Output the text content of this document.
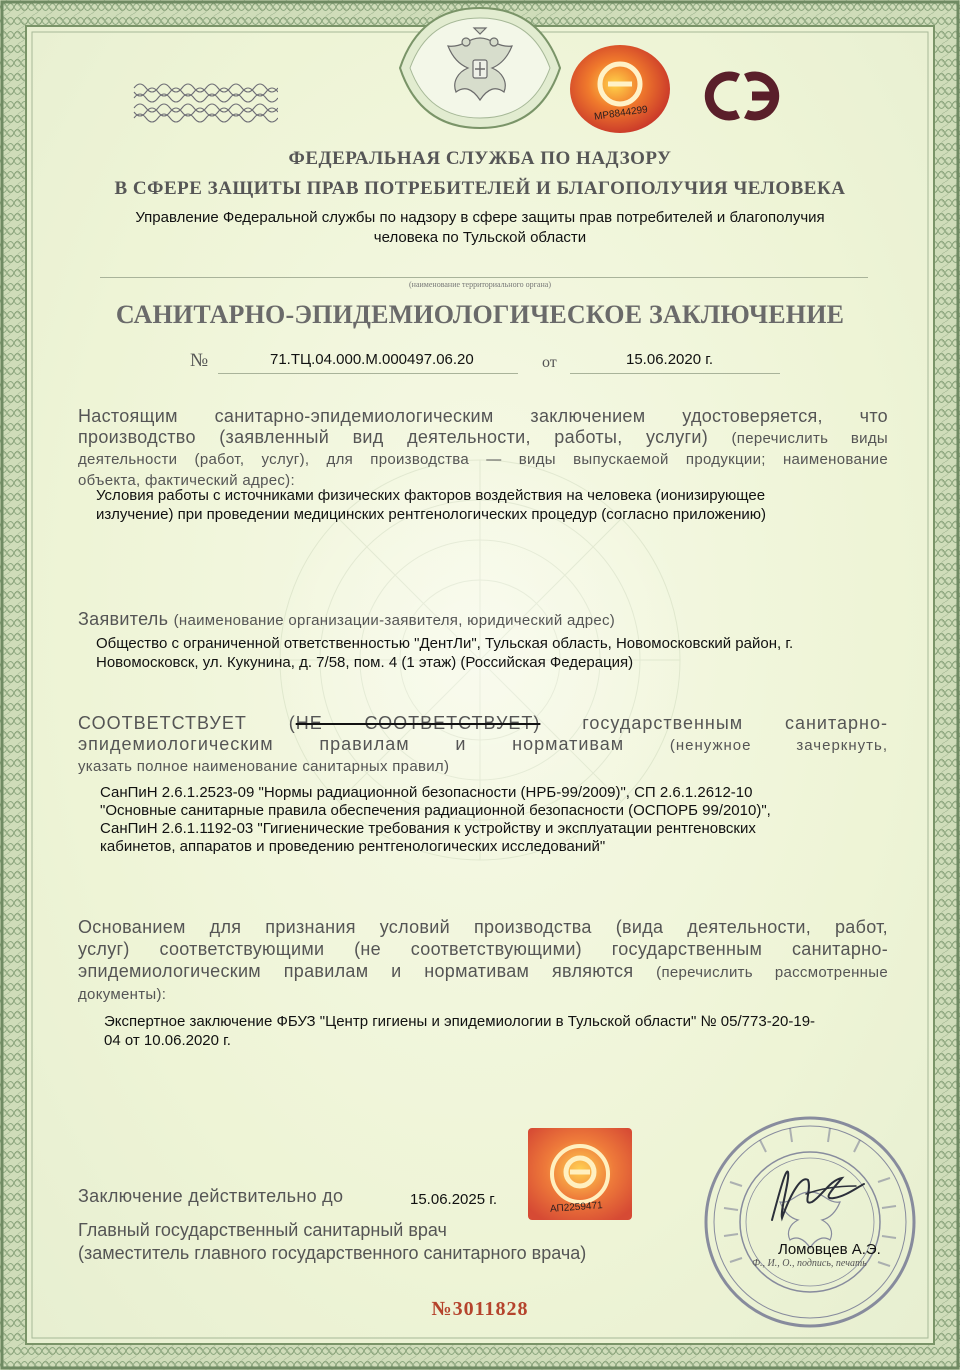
МР8844299
ФЕДЕРАЛЬНАЯ СЛУЖБА ПО НАДЗОРУ
В СФЕРЕ ЗАЩИТЫ ПРАВ ПОТРЕБИТЕЛЕЙ И БЛАГОПОЛУЧИЯ ЧЕЛОВЕКА
Управление Федеральной службы по надзору в сфере защиты прав потребителей и благополучия
человека по Тульской области
(наименование территориального органа)
САНИТАРНО-ЭПИДЕМИОЛОГИЧЕСКОЕ ЗАКЛЮЧЕНИЕ
№	71.ТЦ.04.000.М.000497.06.20	от	15.06.2020 г.
Настоящим санитарно-эпидемиологическим заключением удостоверяется, что
производство (заявленный вид деятельности, работы, услуги) (перечислить виды
деятельности (работ, услуг), для производства — виды выпускаемой продукции; наименование
объекта, фактический адрес):
Условия работы с источниками физических факторов воздействия на человека (ионизирующее
излучение) при проведении медицинских рентгенологических процедур (согласно приложению)
Заявитель (наименование организации-заявителя, юридический адрес)
Общество с ограниченной ответственностью "ДентЛи", Тульская область, Новомосковский район, г.
Новомосковск, ул. Кукунина, д. 7/58, пом. 4 (1 этаж) (Российская Федерация)
СООТВЕТСТВУЕТ (НЕ СООТВЕТСТВУЕТ) государственным санитарно-
эпидемиологическим правилам и нормативам	(ненужное зачеркнуть,
указать полное наименование санитарных правил)
СанПиН 2.6.1.2523-09 "Нормы радиационной безопасности (НРБ-99/2009)", СП 2.6.1.2612-10
"Основные санитарные правила обеспечения радиационной безопасности (ОСПОРБ 99/2010)",
СанПиН 2.6.1.1192-03 "Гигиенические требования к устройству и эксплуатации рентгеновских
кабинетов, аппаратов и проведению рентгенологических исследований"
Основанием для признания условий производства (вида деятельности, работ,
услуг) соответствующими (не соответствующими) государственным санитарно-
эпидемиологическим правилам и нормативам являются (перечислить рассмотренные
документы):
Экспертное заключение ФБУЗ "Центр гигиены и эпидемиологии в Тульской области" № 05/773-20-19-
04 от 10.06.2020 г.
АП2259471
Заключение действительно до	15.06.2025 г.
Главный государственный санитарный врач
(заместитель главного государственного санитарного врача)	Ломовцев А.Э.
Ф., И., О., подпись, печать
№3011828
